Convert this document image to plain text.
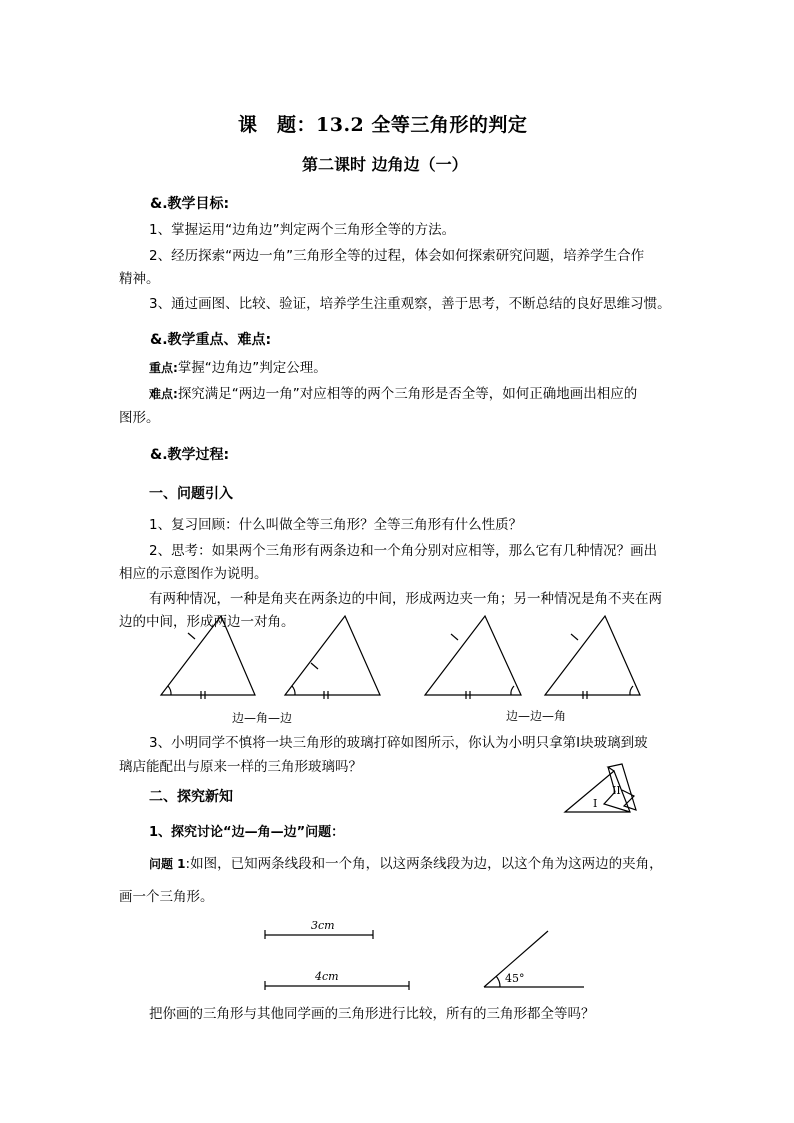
课　题：13.2 全等三角形的判定
第二课时 边角边（一）
&.教学目标:
1、掌握运用“边角边”判定两个三角形全等的方法。
2、经历探索“两边一角”三角形全等的过程，体会如何探索研究问题，培养学生合作
精神。
3、通过画图、比较、验证，培养学生注重观察，善于思考，不断总结的良好思维习惯。
&.教学重点、难点:
重点:掌握“边角边”判定公理。
难点:探究满足“两边一角”对应相等的两个三角形是否全等，如何正确地画出相应的
图形。
&.教学过程:
一、问题引入
1、复习回顾：什么叫做全等三角形？全等三角形有什么性质？
2、思考：如果两个三角形有两条边和一个角分别对应相等，那么它有几种情况？画出
相应的示意图作为说明。
有两种情况，一种是角夹在两条边的中间，形成两边夹一角；另一种情况是角不夹在两
边的中间，形成两边一对角。
边—角—边	边—边—角
3、小明同学不慎将一块三角形的玻璃打碎如图所示，你认为小明只拿第Ⅰ块玻璃到玻
璃店能配出与原来一样的三角形玻璃吗？
I
II
二、探究新知
1、探究讨论“边—角—边”问题：
问题 1:如图，已知两条线段和一个角，以这两条线段为边，以这个角为这两边的夹角，
画一个三角形。
3cm
4cm	45°
把你画的三角形与其他同学画的三角形进行比较，所有的三角形都全等吗？
